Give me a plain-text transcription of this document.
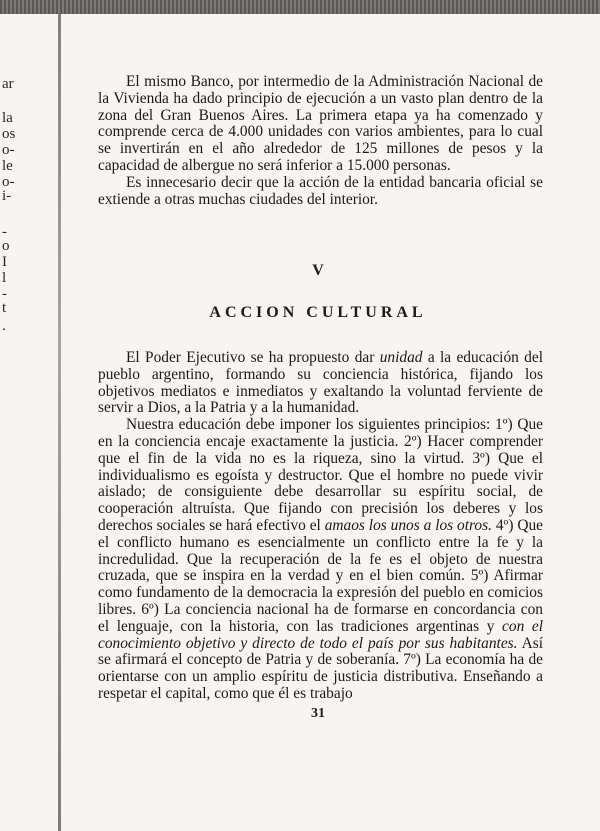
ar
la
os
o-
le
o-
i-
-
o
I
l
-
t
.

El mismo Banco, por intermedio de la Administración Nacional de la Vivienda ha dado principio de ejecución a un vasto plan dentro de la zona del Gran Buenos Aires. La primera etapa ya ha comenzado y comprende cerca de 4.000 unidades con varios ambientes, para lo cual se invertirán en el año alrededor de 125 millones de pesos y la capacidad de albergue no será inferior a 15.000 personas.

Es innecesario decir que la acción de la entidad bancaria oficial se extiende a otras muchas ciudades del interior.

V
ACCION CULTURAL

El Poder Ejecutivo se ha propuesto dar unidad a la educación del pueblo argentino, formando su conciencia histórica, fijando los objetivos mediatos e inmediatos y exaltando la voluntad ferviente de servir a Dios, a la Patria y a la humanidad.

Nuestra educación debe imponer los siguientes principios: 1º) Que en la conciencia encaje exactamente la justicia. 2º) Hacer comprender que el fin de la vida no es la riqueza, sino la virtud. 3º) Que el individualismo es egoísta y destructor. Que el hombre no puede vivir aislado; de consiguiente debe desarrollar su espíritu social, de cooperación altruísta. Que fijando con precisión los deberes y los derechos sociales se hará efectivo el amaos los unos a los otros. 4º) Que el conflicto humano es esencialmente un conflicto entre la fe y la incredulidad. Que la recuperación de la fe es el objeto de nuestra cruzada, que se inspira en la verdad y en el bien común. 5º) Afirmar como fundamento de la democracia la expresión del pueblo en comicios libres. 6º) La conciencia nacional ha de formarse en concordancia con el lenguaje, con la historia, con las tradiciones argentinas y con el conocimiento objetivo y directo de todo el país por sus habitantes. Así se afirmará el concepto de Patria y de soberanía. 7º) La economía ha de orientarse con un amplio espíritu de justicia distributiva. Enseñando a respetar el capital, como que él es trabajo

31
